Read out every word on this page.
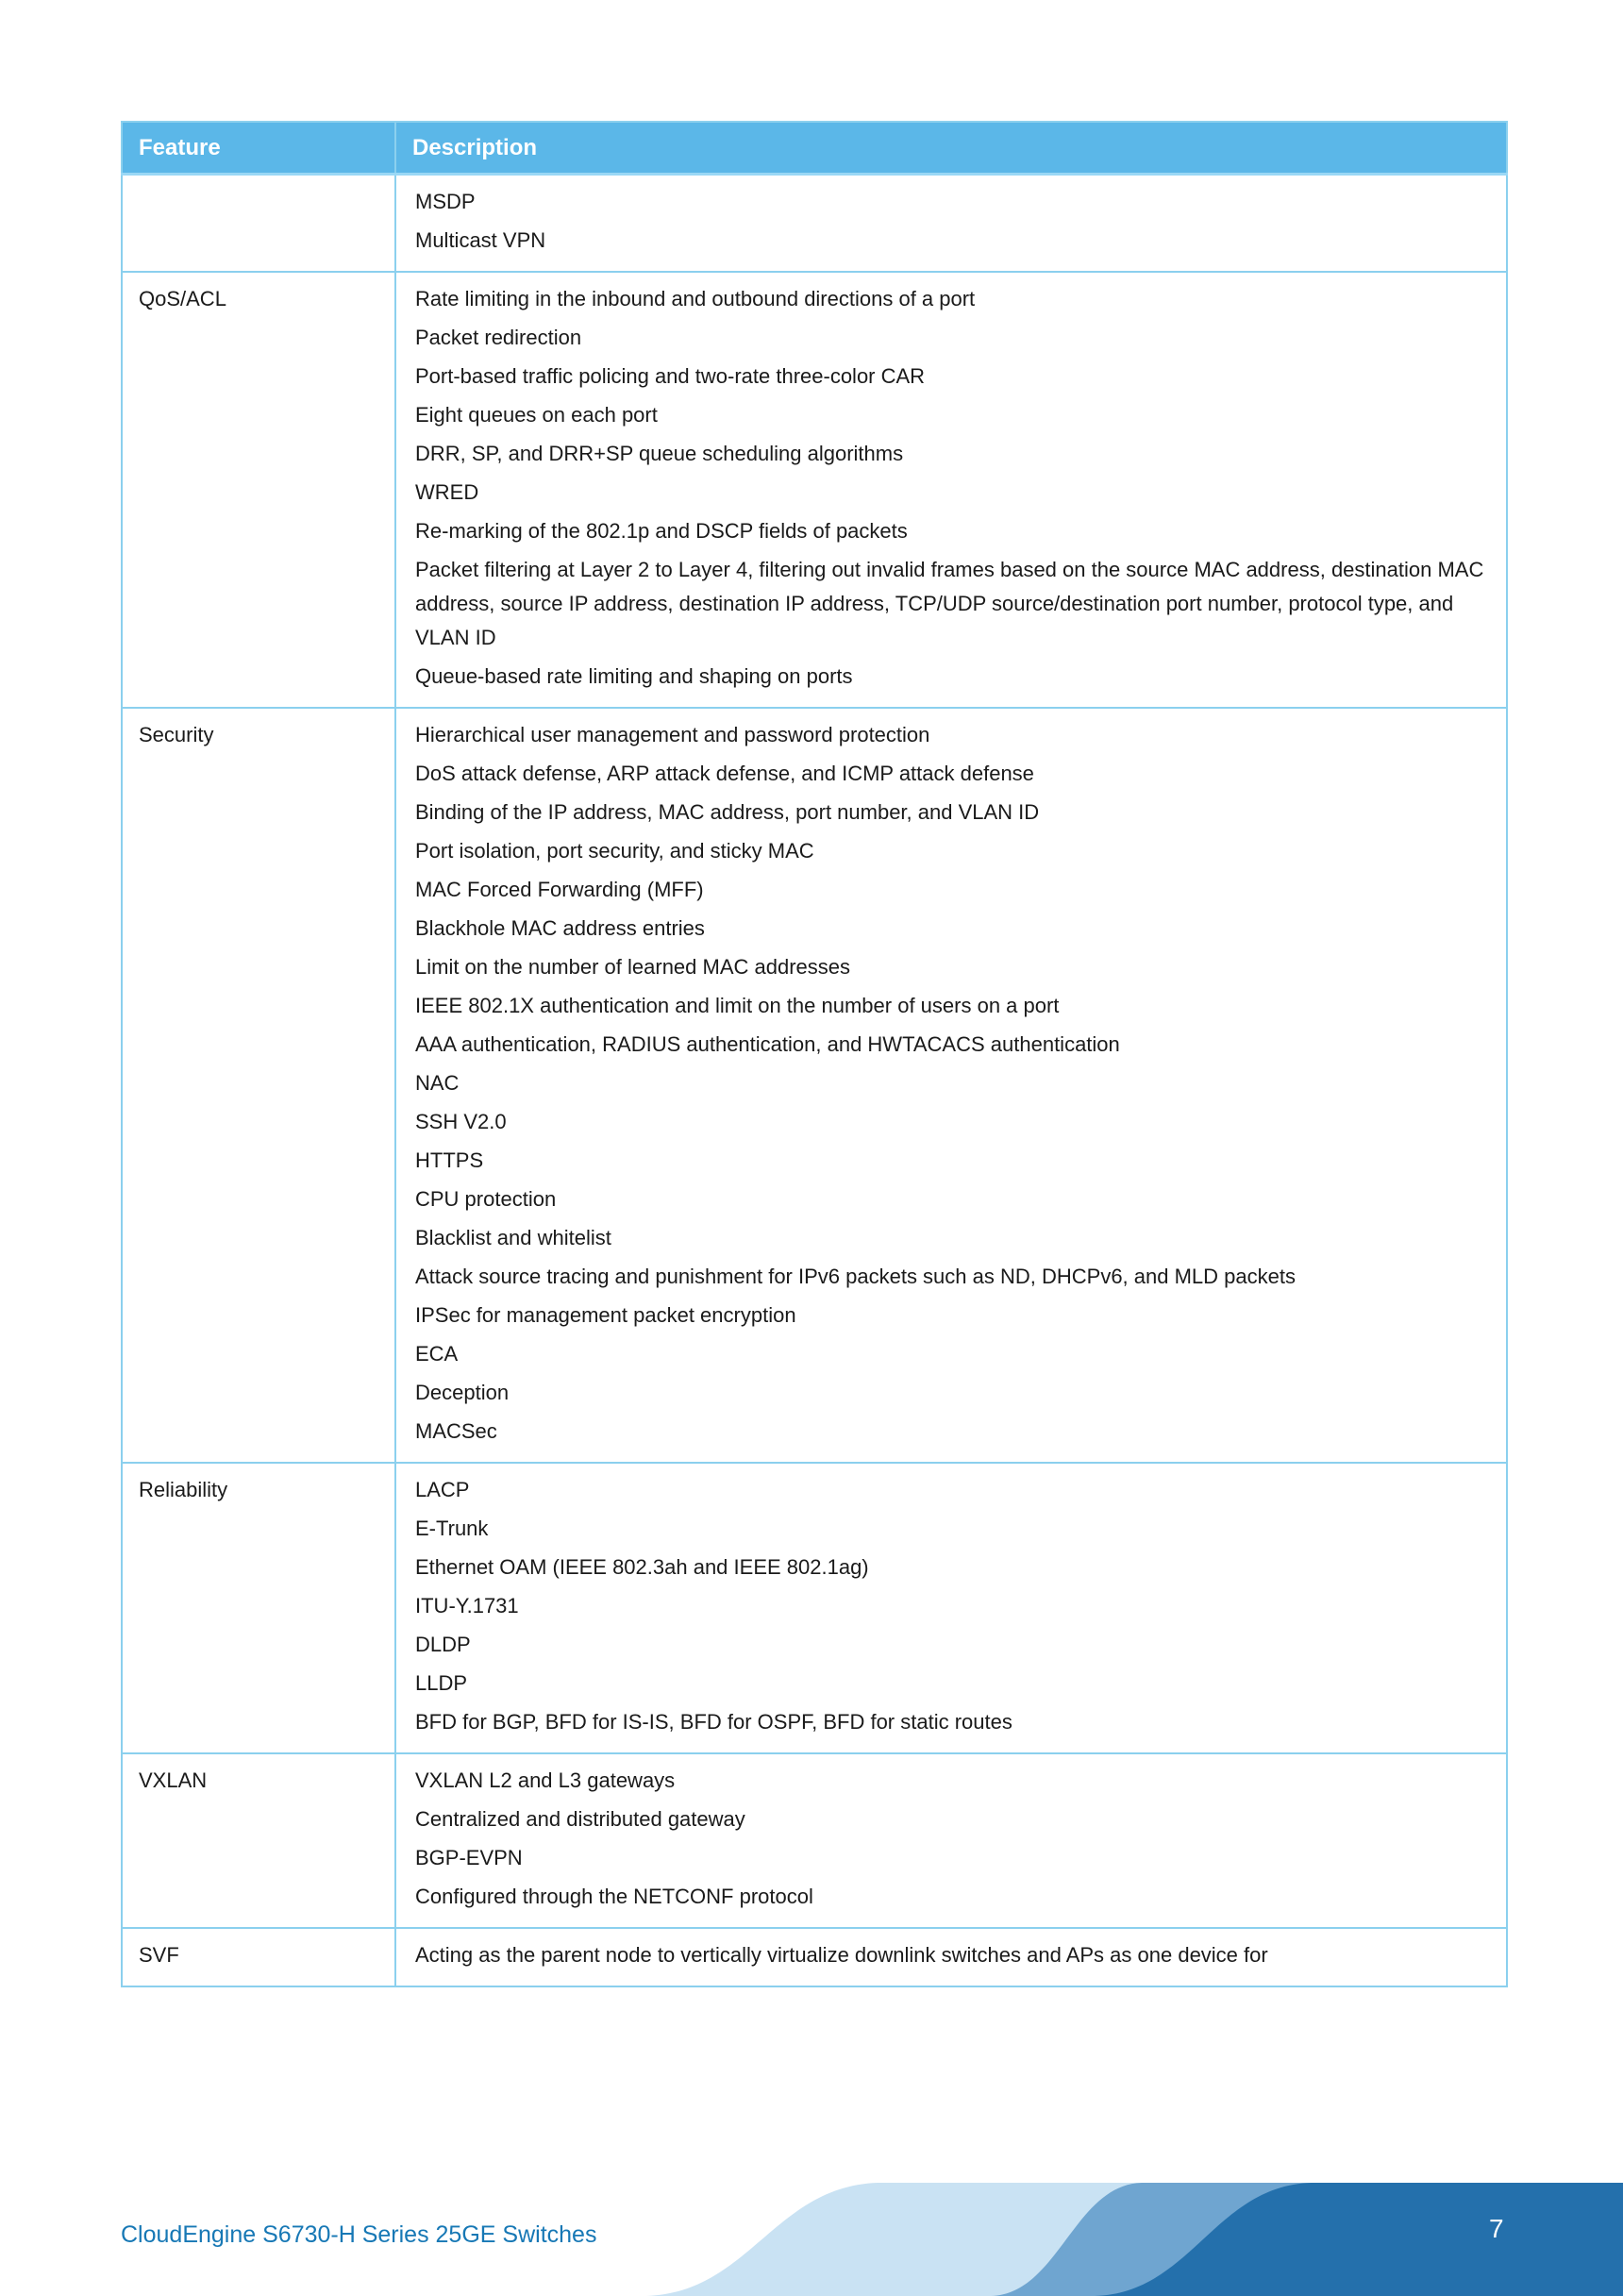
Feature	Description

	MSDP

Multicast VPN

QoS/ACL	Rate limiting in the inbound and outbound directions of a port

Packet redirection

Port-based traffic policing and two-rate three-color CAR

Eight queues on each port

DRR, SP, and DRR+SP queue scheduling algorithms

WRED

Re-marking of the 802.1p and DSCP fields of packets

Packet filtering at Layer 2 to Layer 4, filtering out invalid frames based on the source MAC address, destination MAC address, source IP address, destination IP address, TCP/UDP source/destination port number, protocol type, and VLAN ID

Queue-based rate limiting and shaping on ports

Security	Hierarchical user management and password protection

DoS attack defense, ARP attack defense, and ICMP attack defense

Binding of the IP address, MAC address, port number, and VLAN ID

Port isolation, port security, and sticky MAC

MAC Forced Forwarding (MFF)

Blackhole MAC address entries

Limit on the number of learned MAC addresses

IEEE 802.1X authentication and limit on the number of users on a port

AAA authentication, RADIUS authentication, and HWTACACS authentication

NAC

SSH V2.0

HTTPS

CPU protection

Blacklist and whitelist

Attack source tracing and punishment for IPv6 packets such as ND, DHCPv6, and MLD packets

IPSec for management packet encryption

ECA

Deception

MACSec

Reliability	LACP

E-Trunk

Ethernet OAM (IEEE 802.3ah and IEEE 802.1ag)

ITU-Y.1731

DLDP

LLDP

BFD for BGP, BFD for IS-IS, BFD for OSPF, BFD for static routes

VXLAN	VXLAN L2 and L3 gateways

Centralized and distributed gateway

BGP-EVPN

Configured through the NETCONF protocol

SVF	Acting as the parent node to vertically virtualize downlink switches and APs as one device for

CloudEngine S6730-H Series 25GE Switches	7
